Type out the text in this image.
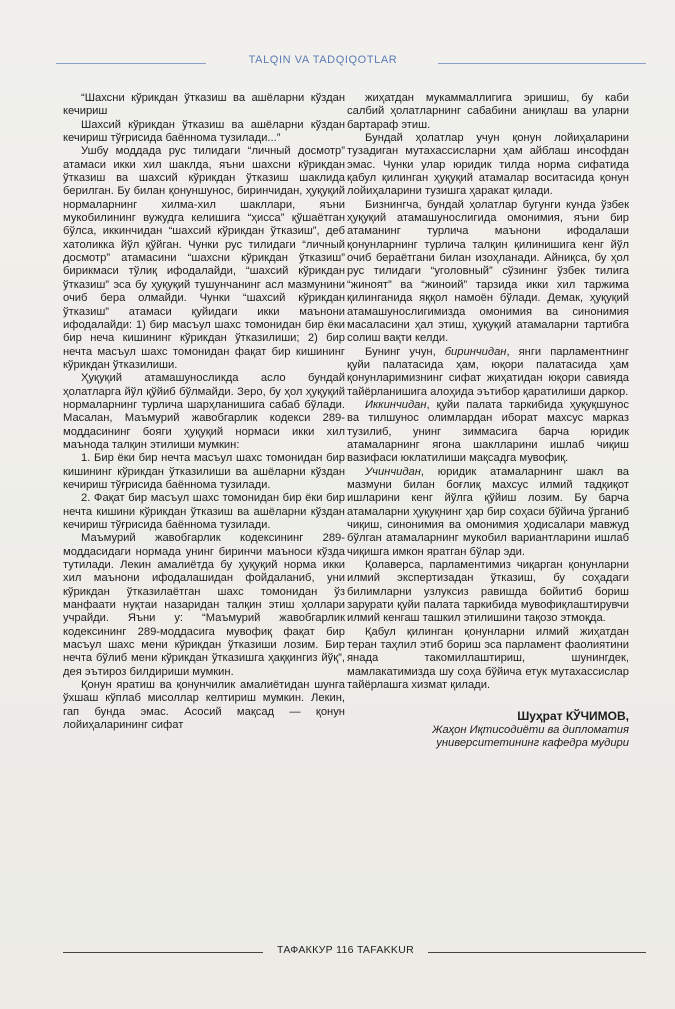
TALQIN VA TADQIQOTLAR

“Шахсни кўрикдан ўтказиш ва ашёларни кўздан кечириш

Шахсий кўрикдан ўтказиш ва ашёларни кўздан кечириш тўғрисида баённома тузилади...”

Ушбу моддада рус тилидаги “личный досмотр” атамаси икки хил шаклда, яъни шахсни кўрикдан ўтказиш ва шахсий кўрикдан ўтказиш шаклида берилган. Бу билан қонуншунос, биринчидан, ҳуқуқий нормаларнинг хилма-хил шакллари, яъни мукобилининг вужудга келишига “ҳисса” қўшаётган бўлса, иккинчидан “шахсий кўрикдан ўтказиш”, деб хатоликка йўл қўйган. Чунки рус тилидаги “личный досмотр” атамасини “шахсни кўрикдан ўтказиш” бирикмаси тўлиқ ифодалайди, “шахсий кўрикдан ўтказиш” эса бу ҳуқуқий тушунчанинг асл мазмунини очиб бера олмайди. Чунки “шахсий кўрикдан ўтказиш” атамаси қуйидаги икки маънони ифодалайди: 1) бир масъул шахс томонидан бир ёки бир неча кишининг кўрикдан ўтказилиши; 2) бир нечта масъул шахс томонидан фақат бир кишининг кўрикдан ўтказилиши.

Ҳуқуқий атамашуносликда асло бундай ҳолатларга йўл қўйиб бўлмайди. Зеро, бу ҳол ҳуқуқий нормаларнинг турлича шарҳланишига сабаб бўлади. Масалан, Маъмурий жавобгарлик кодекси 289-моддасининг бояги ҳуқуқий нормаси икки хил маънода талқин этилиши мумкин:

1. Бир ёки бир нечта масъул шахс томонидан бир кишининг кўрикдан ўтказилиши ва ашёларни кўздан кечириш тўғрисида баённома тузилади.

2. Фақат бир масъул шахс томонидан бир ёки бир нечта кишини кўрикдан ўтказиш ва ашёларни кўздан кечириш тўғрисида баённома тузилади.

Маъмурий жавобгарлик кодексининг 289-моддасидаги нормада унинг биринчи маъноси кўзда тутилади. Лекин амалиётда бу ҳуқуқий норма икки хил маънони ифодалашидан фойдаланиб, уни кўрикдан ўтказилаётган шахс томонидан ўз манфаати нуқтаи назаридан талқин этиш ҳоллари учрайди. Яъни у: “Маъмурий жавобгарлик кодексининг 289-моддасига мувофиқ фақат бир масъул шахс мени кўрикдан ўтказиши лозим. Бир нечта бўлиб мени кўрикдан ўтказишга ҳаққингиз йўқ”, дея эътироз билдириши мумкин.

Қонун яратиш ва қонунчилик амалиётидан шунга ўхшаш кўплаб мисоллар келтириш мумкин. Лекин, гап бунда эмас. Асосий мақсад — қонун лойиҳаларининг сифат

жиҳатдан мукаммаллигига эришиш, бу каби салбий ҳолатларнинг сабабини аниқлаш ва уларни бартараф этиш.

Бундай ҳолатлар учун қонун лойиҳаларини тузадиган мутахассисларни ҳам айблаш инсофдан эмас. Чунки улар юридик тилда норма сифатида қабул қилинган ҳуқуқий атамалар воситасида қонун лойиҳаларини тузишга ҳаракат қилади.

Бизнингча, бундай ҳолатлар бугунги кунда ўзбек ҳуқуқий атамашунослигида омонимия, яъни бир атаманинг турлича маънони ифодалаши қонунларнинг турлича талқин қилинишига кенг йўл очиб бераётгани билан изоҳланади. Айниқса, бу ҳол рус тилидаги “уголовный” сўзининг ўзбек тилига “жиноят” ва “жиноий” тарзида икки хил таржима қилинганида яққол намоён бўлади. Демак, ҳуқуқий атамашунослигимизда омонимия ва синонимия масаласини ҳал этиш, ҳуқуқий атамаларни тартибга солиш вақти келди.

Бунинг учун, биринчидан, янги парламентнинг қуйи палатасида ҳам, юқори палатасида ҳам қонунларимизнинг сифат жиҳатидан юқори савияда тайёрланишига алоҳида эътибор қаратилиши даркор.

Иккинчидан, қуйи палата таркибида ҳуқуқшунос ва тилшунос олимлардан иборат махсус марказ тузилиб, унинг зиммасига барча юридик атамаларнинг ягона шаклларини ишлаб чиқиш вазифаси юклатилиши мақсадга мувофиқ.

Учинчидан, юридик атамаларнинг шакл ва мазмуни билан боғлиқ махсус илмий тадқиқот ишларини кенг йўлга қўйиш лозим. Бу барча атамаларни ҳуқуқнинг ҳар бир соҳаси бўйича ўрганиб чиқиш, синонимия ва омонимия ҳодисалари мавжуд бўлган атамаларнинг мукобил вариантларини ишлаб чиқишга имкон яратган бўлар эди.

Қолаверса, парламентимиз чиқарган қонунларни илмий экспертизадан ўтказиш, бу соҳадаги билимларни узлуксиз равишда бойитиб бориш зарурати қуйи палата таркибида мувофиқлаштирувчи илмий кенгаш ташкил этилишини тақозо этмоқда.

Қабул қилинган қонунларни илмий жиҳатдан теран таҳлил этиб бориш эса парламент фаолиятини янада такомиллаштириш, шунингдек, мамлакатимизда шу соҳа бўйича етук мутахассислар тайёрлашга хизмат қилади.

Шуҳрат КЎЧИМОВ,

Жаҳон Иқтисодиёти ва дипломатия

университетининг кафедра мудири

ТАФАККУР 116 TAFAKKUR
